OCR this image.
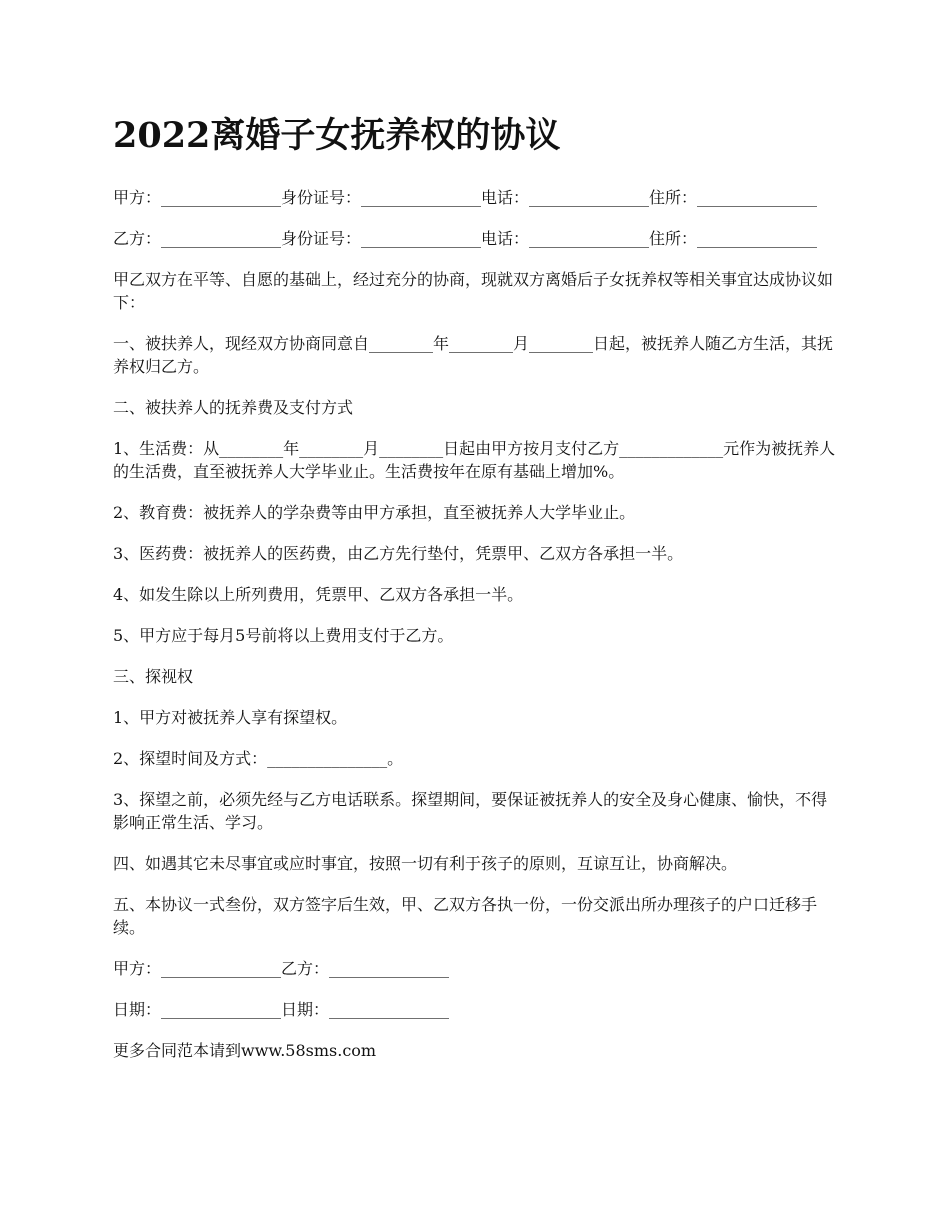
2022离婚子女抚养权的协议

甲方：_______________身份证号：_______________电话：_______________住所：_______________

乙方：_______________身份证号：_______________电话：_______________住所：_______________

甲乙双方在平等、自愿的基础上，经过充分的协商，现就双方离婚后子女抚养权等相关事宜达成协议如下：

一、被扶养人，现经双方协商同意自________年________月________日起，被抚养人随乙方生活，其抚养权归乙方。

二、被扶养人的抚养费及支付方式

1、生活费：从________年________月________日起由甲方按月支付乙方_____________元作为被抚养人的生活费，直至被抚养人大学毕业止。生活费按年在原有基础上增加%。

2、教育费：被抚养人的学杂费等由甲方承担，直至被抚养人大学毕业止。

3、医药费：被抚养人的医药费，由乙方先行垫付，凭票甲、乙双方各承担一半。

4、如发生除以上所列费用，凭票甲、乙双方各承担一半。

5、甲方应于每月5号前将以上费用支付于乙方。

三、探视权

1、甲方对被抚养人享有探望权。

2、探望时间及方式：_______________。

3、探望之前，必须先经与乙方电话联系。探望期间，要保证被抚养人的安全及身心健康、愉快，不得影响正常生活、学习。

四、如遇其它未尽事宜或应时事宜，按照一切有利于孩子的原则，互谅互让，协商解决。

五、本协议一式叁份，双方签字后生效，甲、乙双方各执一份，一份交派出所办理孩子的户口迁移手续。

甲方：_______________乙方：_______________

日期：_______________日期：_______________

更多合同范本请到www.58sms.com
